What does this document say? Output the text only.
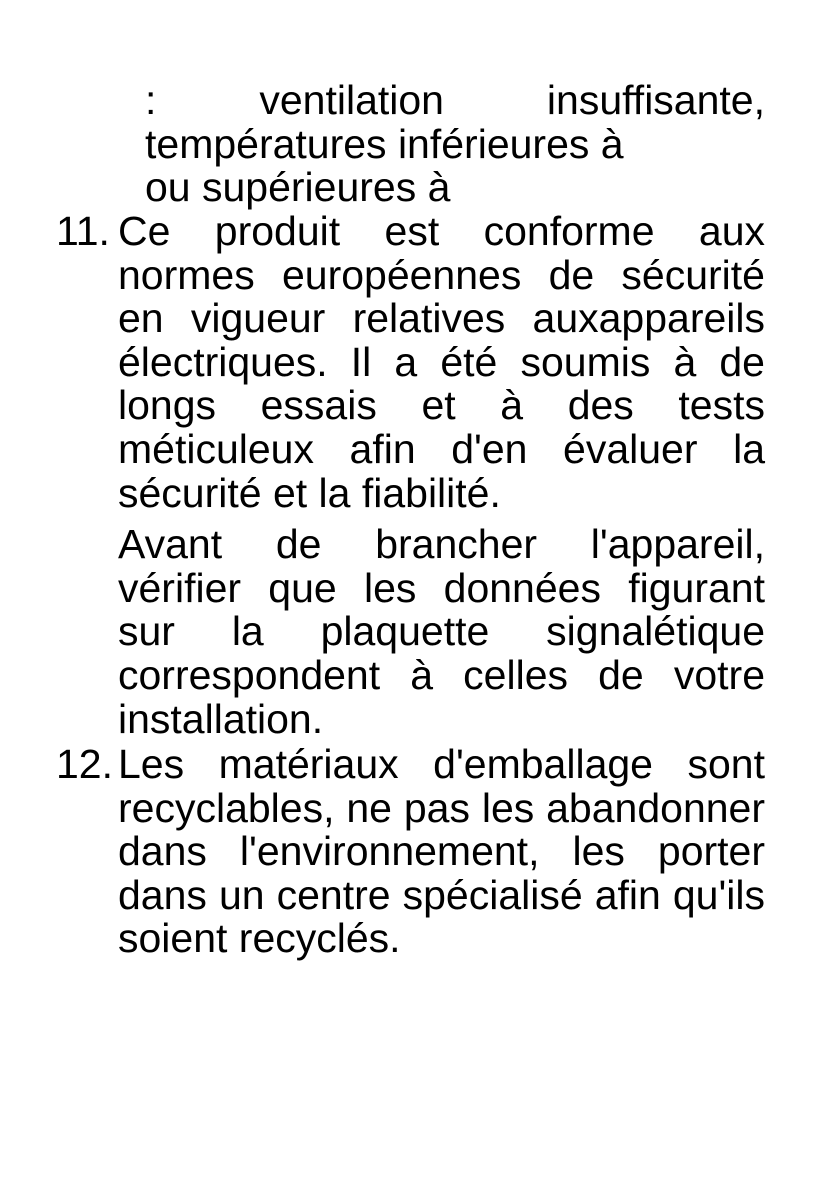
: ventilation insuffisante,
températures inférieures à
ou supérieures à
11. Ce produit est conforme aux normes européennes de sécurité en vigueur relatives auxappareils électriques. Il a été soumis à de longs essais et à des tests méticuleux afin d'en évaluer la sécurité et la fiabilité.

Avant de brancher l'appareil, vérifier que les données figurant sur la plaquette signalétique correspondent à celles de votre installation.

12. Les matériaux d'emballage sont recyclables, ne pas les abandonner dans l'environnement, les porter dans un centre spécialisé afin qu'ils soient recyclés.
